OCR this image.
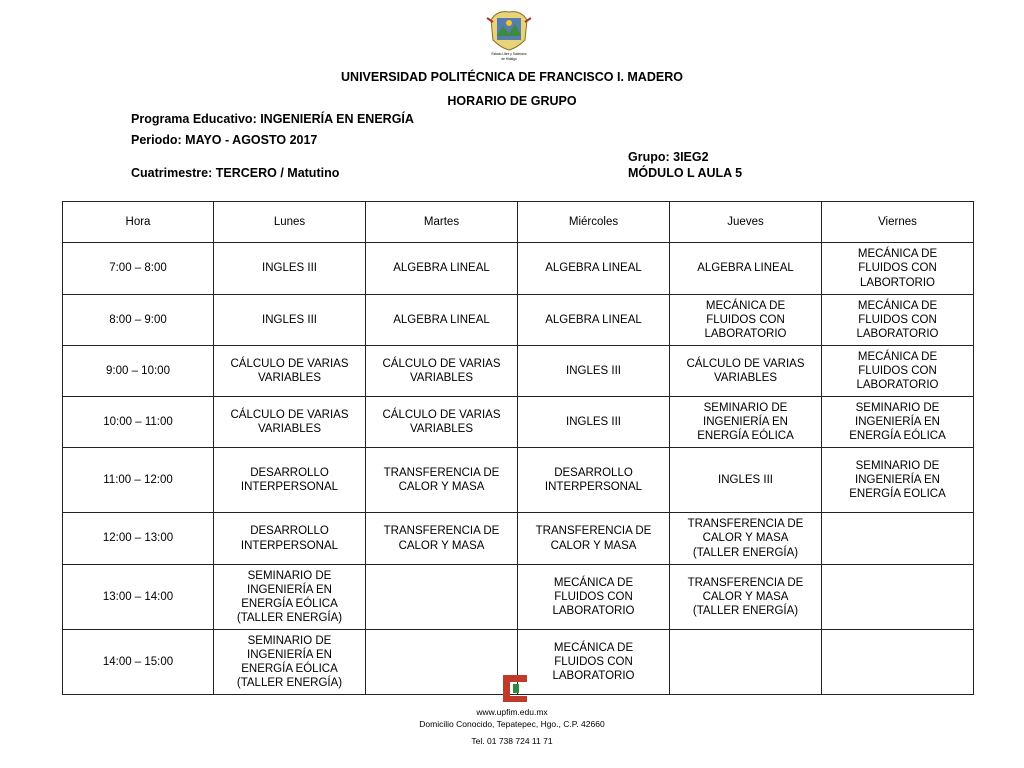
Estado Libre y Soberano
de Hidalgo
UNIVERSIDAD POLITÉCNICA DE FRANCISCO I. MADERO
HORARIO DE GRUPO
Programa Educativo: INGENIERÍA EN ENERGÍA
Periodo: MAYO - AGOSTO 2017
Grupo: 3IEG2
Cuatrimestre: TERCERO / Matutino	MÓDULO L AULA 5
Hora	Lunes	Martes	Miércoles	Jueves	Viernes
7:00 – 8:00	INGLES III	ALGEBRA LINEAL	ALGEBRA LINEAL	ALGEBRA LINEAL	MECÁNICA DE FLUIDOS CON LABORTORIO
8:00 – 9:00	INGLES III	ALGEBRA LINEAL	ALGEBRA LINEAL	MECÁNICA DE FLUIDOS CON LABORATORIO	MECÁNICA DE FLUIDOS CON LABORATORIO
9:00 – 10:00	CÁLCULO DE VARIAS VARIABLES	CÁLCULO DE VARIAS VARIABLES	INGLES III	CÁLCULO DE VARIAS VARIABLES	MECÁNICA DE FLUIDOS CON LABORATORIO
10:00 – 11:00	CÁLCULO DE VARIAS VARIABLES	CÁLCULO DE VARIAS VARIABLES	INGLES III	SEMINARIO DE INGENIERÍA EN ENERGÍA EÓLICA	SEMINARIO DE INGENIERÍA EN ENERGÍA EÓLICA
11:00 – 12:00	DESARROLLO INTERPERSONAL	TRANSFERENCIA DE CALOR Y MASA	DESARROLLO INTERPERSONAL	INGLES III	SEMINARIO DE INGENIERÍA EN ENERGÍA EOLICA
12:00 – 13:00	DESARROLLO INTERPERSONAL	TRANSFERENCIA DE CALOR Y MASA	TRANSFERENCIA DE CALOR Y MASA	TRANSFERENCIA DE CALOR Y MASA (TALLER ENERGÍA)	
13:00 – 14:00	SEMINARIO DE INGENIERÍA EN ENERGÍA EÓLICA (TALLER ENERGÍA)		MECÁNICA DE FLUIDOS CON LABORATORIO	TRANSFERENCIA DE CALOR Y MASA (TALLER ENERGÍA)	
14:00 – 15:00	SEMINARIO DE INGENIERÍA EN ENERGÍA EÓLICA (TALLER ENERGÍA)		MECÁNICA DE FLUIDOS CON LABORATORIO		
www.upfim.edu.mx
Domicilio Conocido, Tepatepec, Hgo., C.P. 42660
Tel. 01 738 724 11 71
